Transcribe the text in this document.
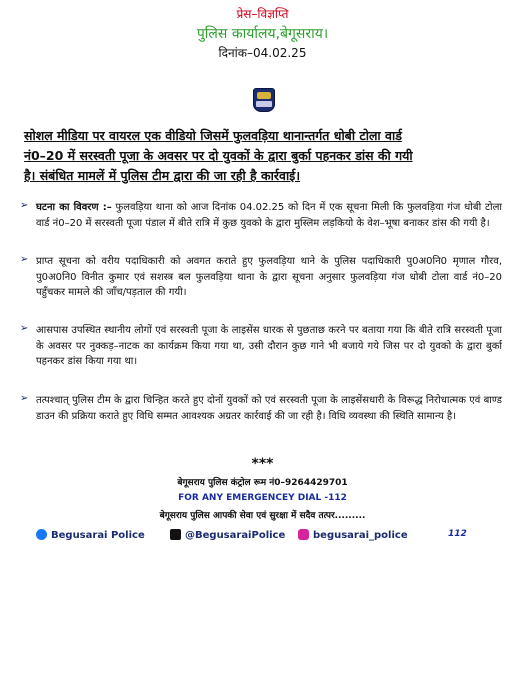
प्रेस–विज्ञप्ति
पुलिस कार्यालय,बेगूसराय।
दिनांक–04.02.25
सोशल मीडिया पर वायरल एक वीडियो जिसमें फुलवड़िया थानान्तर्गत धोबी टोला वार्ड
नं0–20 में सरस्वती पूजा के अवसर पर दो युवकों के द्वारा बुर्का पहनकर डांस की गयी
है। संबंधित मामलें में पुलिस टीम द्वारा की जा रही है कार्रवाई।
➢ घटना का विवरण :– फुलवड़िया थाना को आज दिनांक 04.02.25 को दिन में एक सूचना मिली कि फुलवड़िया गंज धोबी टोला वार्ड नं0–20 में सरस्वती पूजा पंडाल में बीते रात्रि में कुछ युवको के द्वारा मुस्लिम लड़कियो के वेश–भूषा बनाकर डांस की गयी है।
➢ प्राप्त सूचना को वरीय पदाधिकारी को अवगत कराते हुए फुलवड़िया थाने के पुलिस पदाधिकारी पु0अ0नि0 मृणाल गौरव, पु0अ0नि0 विनीत कुमार एवं सशस्त्र बल फुलवड़िया थाना के द्वारा सूचना अनुसार फुलवड़िया गंज धोबी टोला वार्ड नं0–20 पहुँचकर मामले की जाँच/पड़ताल की गयी।
➢ आसपास उपस्थित स्थानीय लोगों एवं सरस्वती पूजा के लाइसेंस धारक से पुछताछ करने पर बताया गया कि बीते रात्रि सरस्वती पूजा के अवसर पर नुक्कड़–नाटक का कार्यक्रम किया गया था, उसी दौरान कुछ गाने भी बजाये गये जिस पर दो युवको के द्वारा बुर्का पहनकर डांस किया गया था।
➢ तत्पश्चात् पुलिस टीम के द्वारा चिन्हित करते हुए दोनों युवकों को एवं सरस्वती पूजा के लाइसेंसधारी के विरूद्ध निरोधात्मक एवं बाण्ड डाउन की प्रक्रिया कराते हुए विधि सम्मत आवश्यक अग्रतर कार्रवाई की जा रही है। विधि व्यवस्था की स्थिति सामान्य है।
***
बेगूसराय पुलिस कंट्रोल रूम नं0–9264429701
FOR ANY EMERGENCEY DIAL -112
बेगूसराय पुलिस आपकी सेवा एवं सुरक्षा में सदैव तत्पर.........
Begusarai Police	@BegusaraiPolice	begusarai_police	112
